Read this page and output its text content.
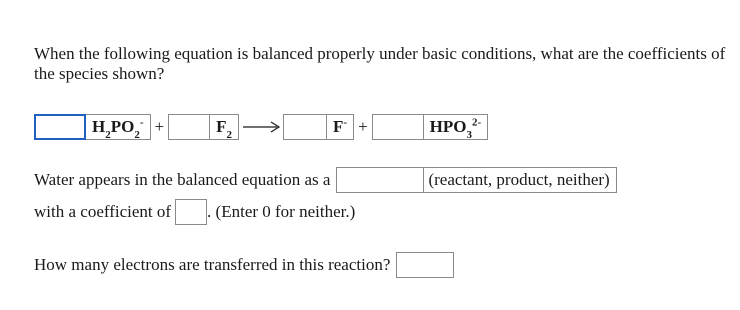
When the following equation is balanced properly under basic conditions, what are the coefficients of the species shown?
$H_2PO_2^-$ +	$F_2$	F- +	$HPO_3^{2-}$
Water appears in the balanced equation as a	(reactant, product, neither)
with a coefficient of . (Enter 0 for neither.)
How many electrons are transferred in this reaction?
